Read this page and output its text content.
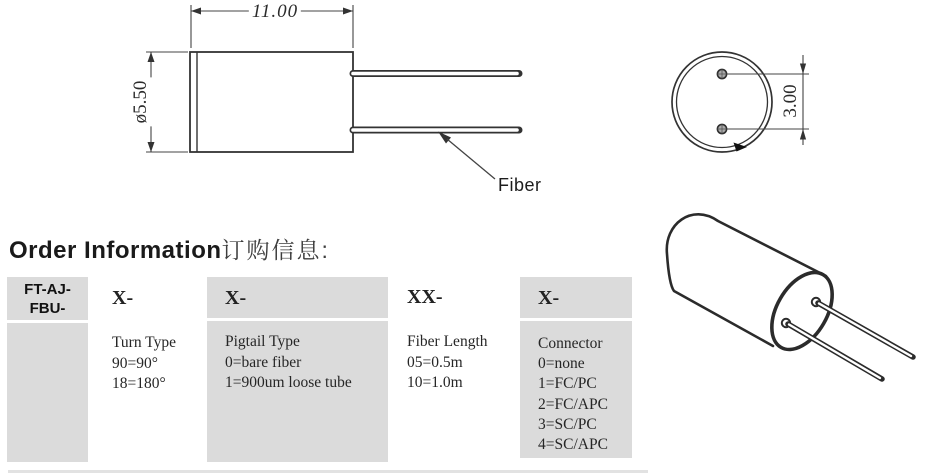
11.00
ø5.50	3.00
Fiber
Order Information订购信息:
FT-AJ-
FBU-	X-
Turn Type
90=90°
18=180°
X-
Pigtail Type
0=bare fiber
1=900um loose tube
XX-
Fiber Length
05=0.5m
10=1.0m
X-
Connector
0=none
1=FC/PC
2=FC/APC
3=SC/PC
4=SC/APC
